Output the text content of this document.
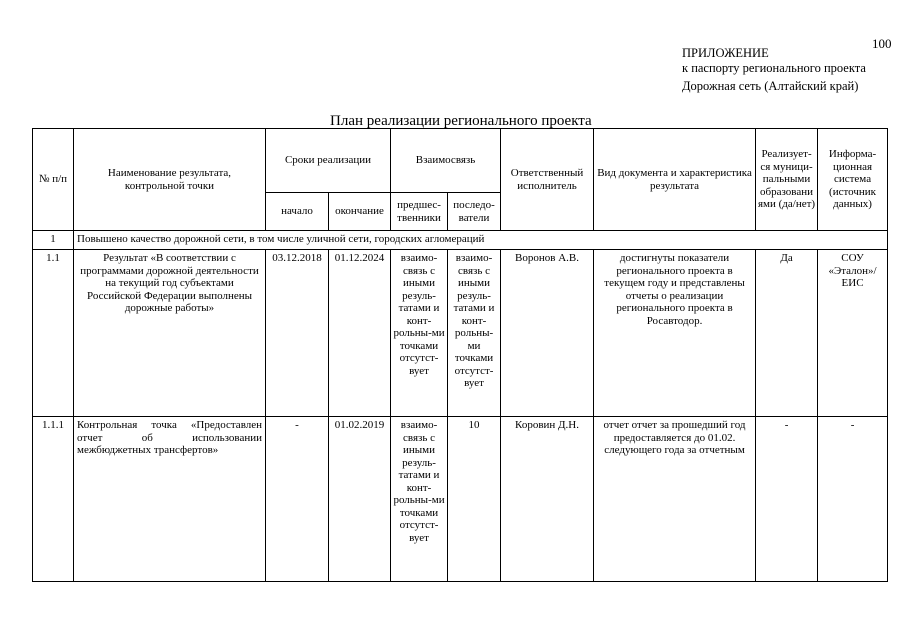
100
ПРИЛОЖЕНИЕ
к паспорту регионального проекта
Дорожная сеть (Алтайский край)
План реализации регионального проекта
№ п/п	Наименование результата, контрольной точки	Сроки реализации		Взаимосвязь		Ответственный исполнитель	Вид документа и характеристика результата	Реализует-ся муници-пальными образовани ями (да/нет)	Информа-ционная система (источник данных)
		начало	окончание	предшес-твенники	последо-ватели				
1	Повышено качество дорожной сети, в том числе уличной сети, городских агломераций								
1.1	Результат «В соответствии с программами дорожной деятельности на текущий год субъектами Российской Федерации выполнены дорожные работы»	03.12.2018	01.12.2024	взаимо-связь с иными резуль-татами и конт-рольны-ми точками отсутст-вует	взаимо-связь с иными резуль-татами и конт-рольны-ми точками отсутст-вует	Воронов А.В.	достигнуты показатели регионального проекта в текущем году и представлены отчеты о реализации регионального проекта в Росавтодор.	Да	СОУ «Эталон»/ ЕИС
1.1.1	Контрольная точка «Предоставлен отчет об использовании межбюджетных трансфертов»	-	01.02.2019	взаимо-связь с иными резуль-татами и конт-рольны-ми точками отсутст-вует	10	Коровин Д.Н.	отчет отчет за прошедший год предоставляется до 01.02. следующего года за отчетным	-	-
